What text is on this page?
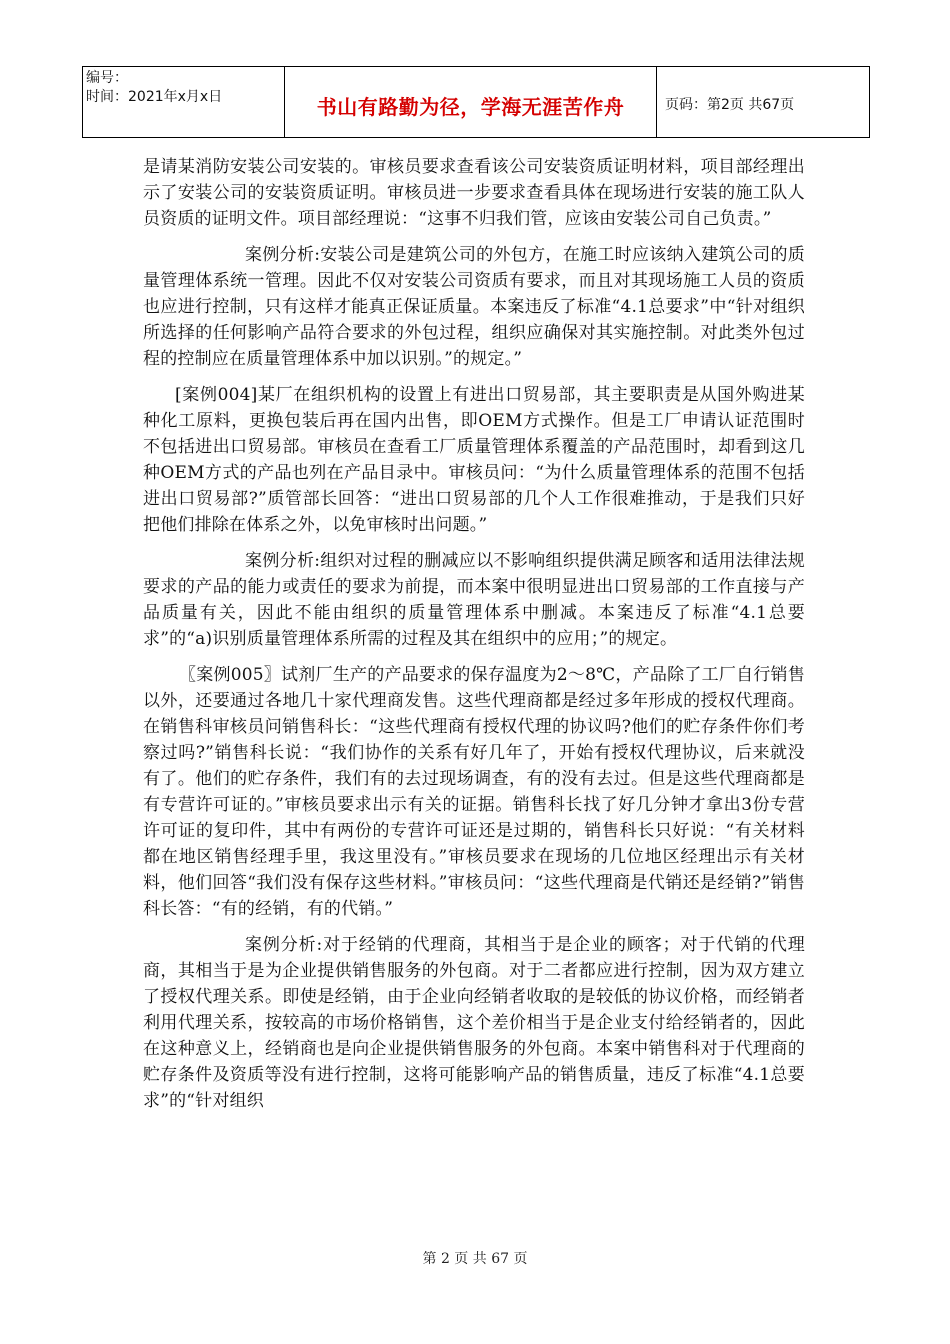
编号：
时间：2021年x月x日	书山有路勤为径，学海无涯苦作舟	页码：第2页 共67页

是请某消防安装公司安装的。审核员要求查看该公司安装资质证明材料，项目部经理出示了安装公司的安装资质证明。审核员进一步要求查看具体在现场进行安装的施工队人员资质的证明文件。项目部经理说：“这事不归我们管，应该由安装公司自己负责。”

案例分析:安装公司是建筑公司的外包方，在施工时应该纳入建筑公司的质量管理体系统一管理。因此不仅对安装公司资质有要求，而且对其现场施工人员的资质也应进行控制，只有这样才能真正保证质量。本案违反了标准“4.1总要求”中“针对组织所选择的任何影响产品符合要求的外包过程，组织应确保对其实施控制。对此类外包过程的控制应在质量管理体系中加以识别。”的规定。”

[案例004]某厂在组织机构的设置上有进出口贸易部，其主要职责是从国外购进某种化工原料，更换包装后再在国内出售，即OEM方式操作。但是工厂申请认证范围时不包括进出口贸易部。审核员在查看工厂质量管理体系覆盖的产品范围时，却看到这几种OEM方式的产品也列在产品目录中。审核员问：“为什么质量管理体系的范围不包括进出口贸易部?”质管部长回答：“进出口贸易部的几个人工作很难推动，于是我们只好把他们排除在体系之外，以免审核时出问题。”

案例分析:组织对过程的删减应以不影响组织提供满足顾客和适用法律法规要求的产品的能力或责任的要求为前提，而本案中很明显进出口贸易部的工作直接与产品质量有关，因此不能由组织的质量管理体系中删减。本案违反了标准“4.1总要求”的“a)识别质量管理体系所需的过程及其在组织中的应用；”的规定。

〖案例005〗试剂厂生产的产品要求的保存温度为2～8℃，产品除了工厂自行销售以外，还要通过各地几十家代理商发售。这些代理商都是经过多年形成的授权代理商。在销售科审核员问销售科长：“这些代理商有授权代理的协议吗?他们的贮存条件你们考察过吗?”销售科长说：“我们协作的关系有好几年了，开始有授权代理协议，后来就没有了。他们的贮存条件，我们有的去过现场调查，有的没有去过。但是这些代理商都是有专营许可证的。”审核员要求出示有关的证据。销售科长找了好几分钟才拿出3份专营许可证的复印件，其中有两份的专营许可证还是过期的，销售科长只好说：“有关材料都在地区销售经理手里，我这里没有。”审核员要求在现场的几位地区经理出示有关材料，他们回答“我们没有保存这些材料。”审核员问：“这些代理商是代销还是经销?”销售科长答：“有的经销，有的代销。”

案例分析:对于经销的代理商，其相当于是企业的顾客；对于代销的代理商，其相当于是为企业提供销售服务的外包商。对于二者都应进行控制，因为双方建立了授权代理关系。即使是经销，由于企业向经销者收取的是较低的协议价格，而经销者利用代理关系，按较高的市场价格销售，这个差价相当于是企业支付给经销者的，因此在这种意义上，经销商也是向企业提供销售服务的外包商。本案中销售科对于代理商的贮存条件及资质等没有进行控制，这将可能影响产品的销售质量，违反了标准“4.1总要求”的“针对组织

第 2 页 共 67 页
